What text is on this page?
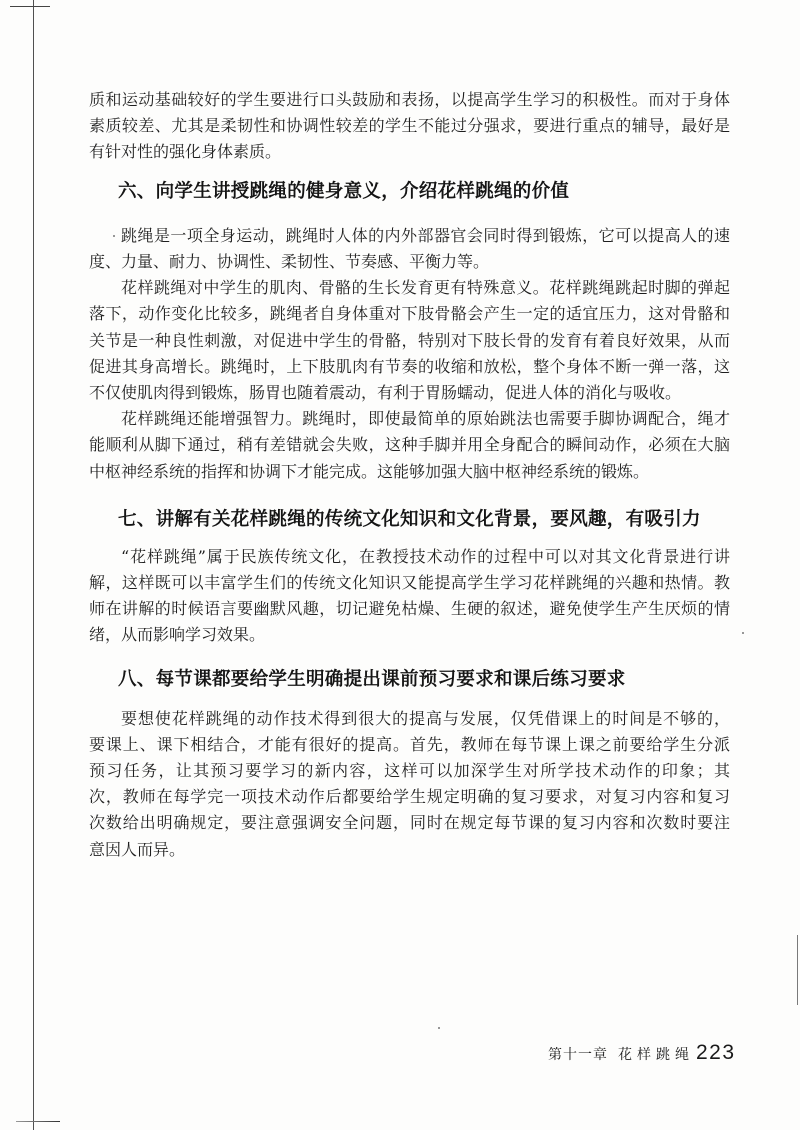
质和运动基础较好的学生要进行口头鼓励和表扬，以提高学生学习的积极性。而对于身体
素质较差、尤其是柔韧性和协调性较差的学生不能过分强求，要进行重点的辅导，最好是
有针对性的强化身体素质。
六、向学生讲授跳绳的健身意义，介绍花样跳绳的价值
跳绳是一项全身运动，跳绳时人体的内外部器官会同时得到锻炼，它可以提高人的速
度、力量、耐力、协调性、柔韧性、节奏感、平衡力等。
花样跳绳对中学生的肌肉、骨骼的生长发育更有特殊意义。花样跳绳跳起时脚的弹起
落下，动作变化比较多，跳绳者自身体重对下肢骨骼会产生一定的适宜压力，这对骨骼和
关节是一种良性刺激，对促进中学生的骨骼，特别对下肢长骨的发育有着良好效果，从而
促进其身高增长。跳绳时，上下肢肌肉有节奏的收缩和放松，整个身体不断一弹一落，这
不仅使肌肉得到锻炼，肠胃也随着震动，有利于胃肠蠕动，促进人体的消化与吸收。
花样跳绳还能增强智力。跳绳时，即使最简单的原始跳法也需要手脚协调配合，绳才
能顺利从脚下通过，稍有差错就会失败，这种手脚并用全身配合的瞬间动作，必须在大脑
中枢神经系统的指挥和协调下才能完成。这能够加强大脑中枢神经系统的锻炼。
七、讲解有关花样跳绳的传统文化知识和文化背景，要风趣，有吸引力
“花样跳绳”属于民族传统文化，在教授技术动作的过程中可以对其文化背景进行讲
解，这样既可以丰富学生们的传统文化知识又能提高学生学习花样跳绳的兴趣和热情。教
师在讲解的时候语言要幽默风趣，切记避免枯燥、生硬的叙述，避免使学生产生厌烦的情
绪，从而影响学习效果。
八、每节课都要给学生明确提出课前预习要求和课后练习要求
要想使花样跳绳的动作技术得到很大的提高与发展，仅凭借课上的时间是不够的，
要课上、课下相结合，才能有很好的提高。首先，教师在每节课上课之前要给学生分派
预习任务，让其预习要学习的新内容，这样可以加深学生对所学技术动作的印象；其
次，教师在每学完一项技术动作后都要给学生规定明确的复习要求，对复习内容和复习
次数给出明确规定，要注意强调安全问题，同时在规定每节课的复习内容和次数时要注
意因人而异。
第十一章 花样跳绳223
